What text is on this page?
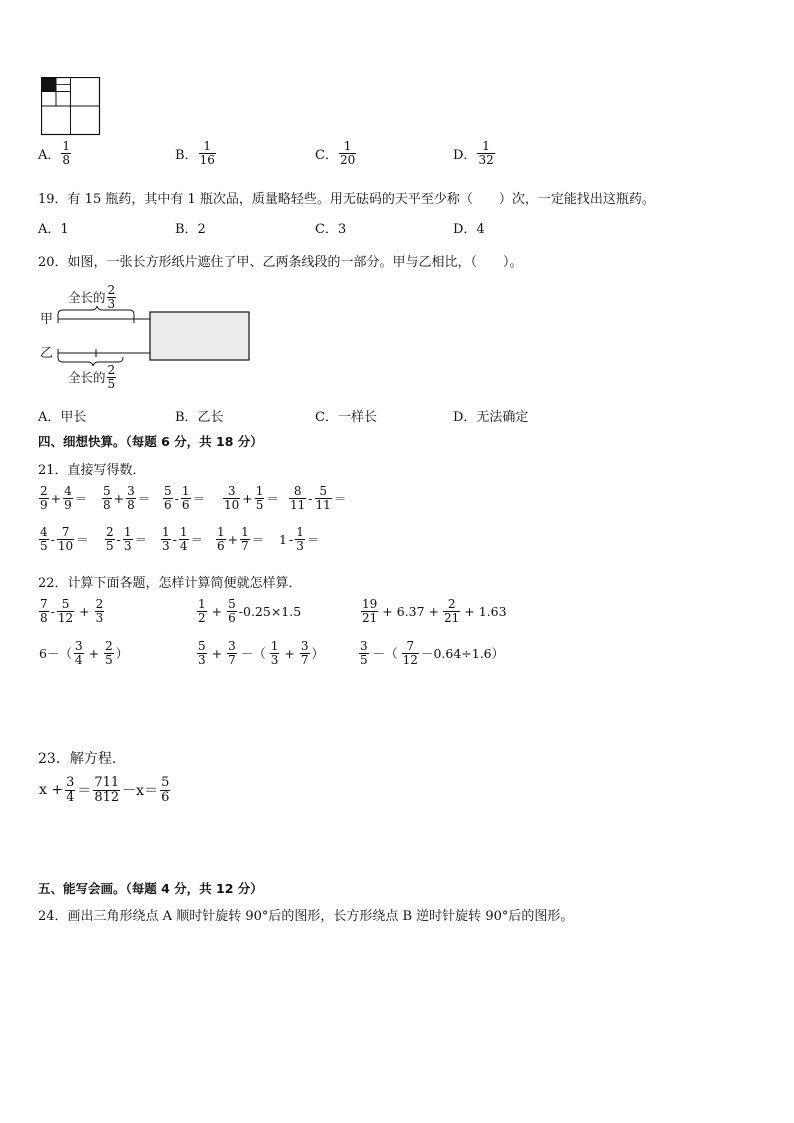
A． $\frac{1}{8}$	B． $\frac{1}{16}$	C． $\frac{1}{20}$	D． $\frac{1}{32}$
19．有 15 瓶药，其中有 1 瓶次品，质量略轻些。用无砝码的天平至少称（　　）次，一定能找出这瓶药。
A．1	B．2	C．3	D．4
20．如图，一张长方形纸片遮住了甲、乙两条线段的一部分。甲与乙相比，（　　）。
全长的 $\frac{2}{3}$
甲
乙
全长的 $\frac{2}{5}$
A．甲长	B．乙长	C．一样长	D．无法确定
四、细想快算。（每题 6 分，共 18 分）
21．直接写得数．
$\frac{2}{9} + \frac{4}{9} = \frac{5}{8} + \frac{3}{8} = \frac{5}{6} - \frac{1}{6} = \frac{3}{10} + \frac{1}{5} = \frac{8}{11} - \frac{5}{11}$ ＝
$\frac{4}{5} - \frac{7}{10} = \frac{2}{5} - \frac{1}{3} = \frac{1}{3} - \frac{1}{4} = \frac{1}{6} + \frac{1}{7} = 1 - \frac{1}{3}$ ＝
22．计算下面各题，怎样计算简便就怎样算．
$\frac{7}{8} - \frac{5}{12} + \frac{2}{3}$	$\frac{1}{2} + \frac{5}{6} -0.25\times 1.5$	$\frac{19}{21} + 6.37 + \frac{2}{21} + 1.63$
$6-( \frac{3}{4} + \frac{2}{5}$ ）	$\frac{5}{3} + \frac{3}{7}$ －（ $\frac{1}{3} + \frac{3}{7}$ ）	$\frac{3}{5}$ －（ $\frac{7}{12} -0.64\div 1.6$）
23．解方程.
$x + \frac{3}{4} = \frac{711}{812} -x= \frac{5}{6}$
五、能写会画。（每题 4 分，共 12 分）
24．画出三角形绕点 A 顺时针旋转 90°后的图形，长方形绕点 B 逆时针旋转 90°后的图形。
